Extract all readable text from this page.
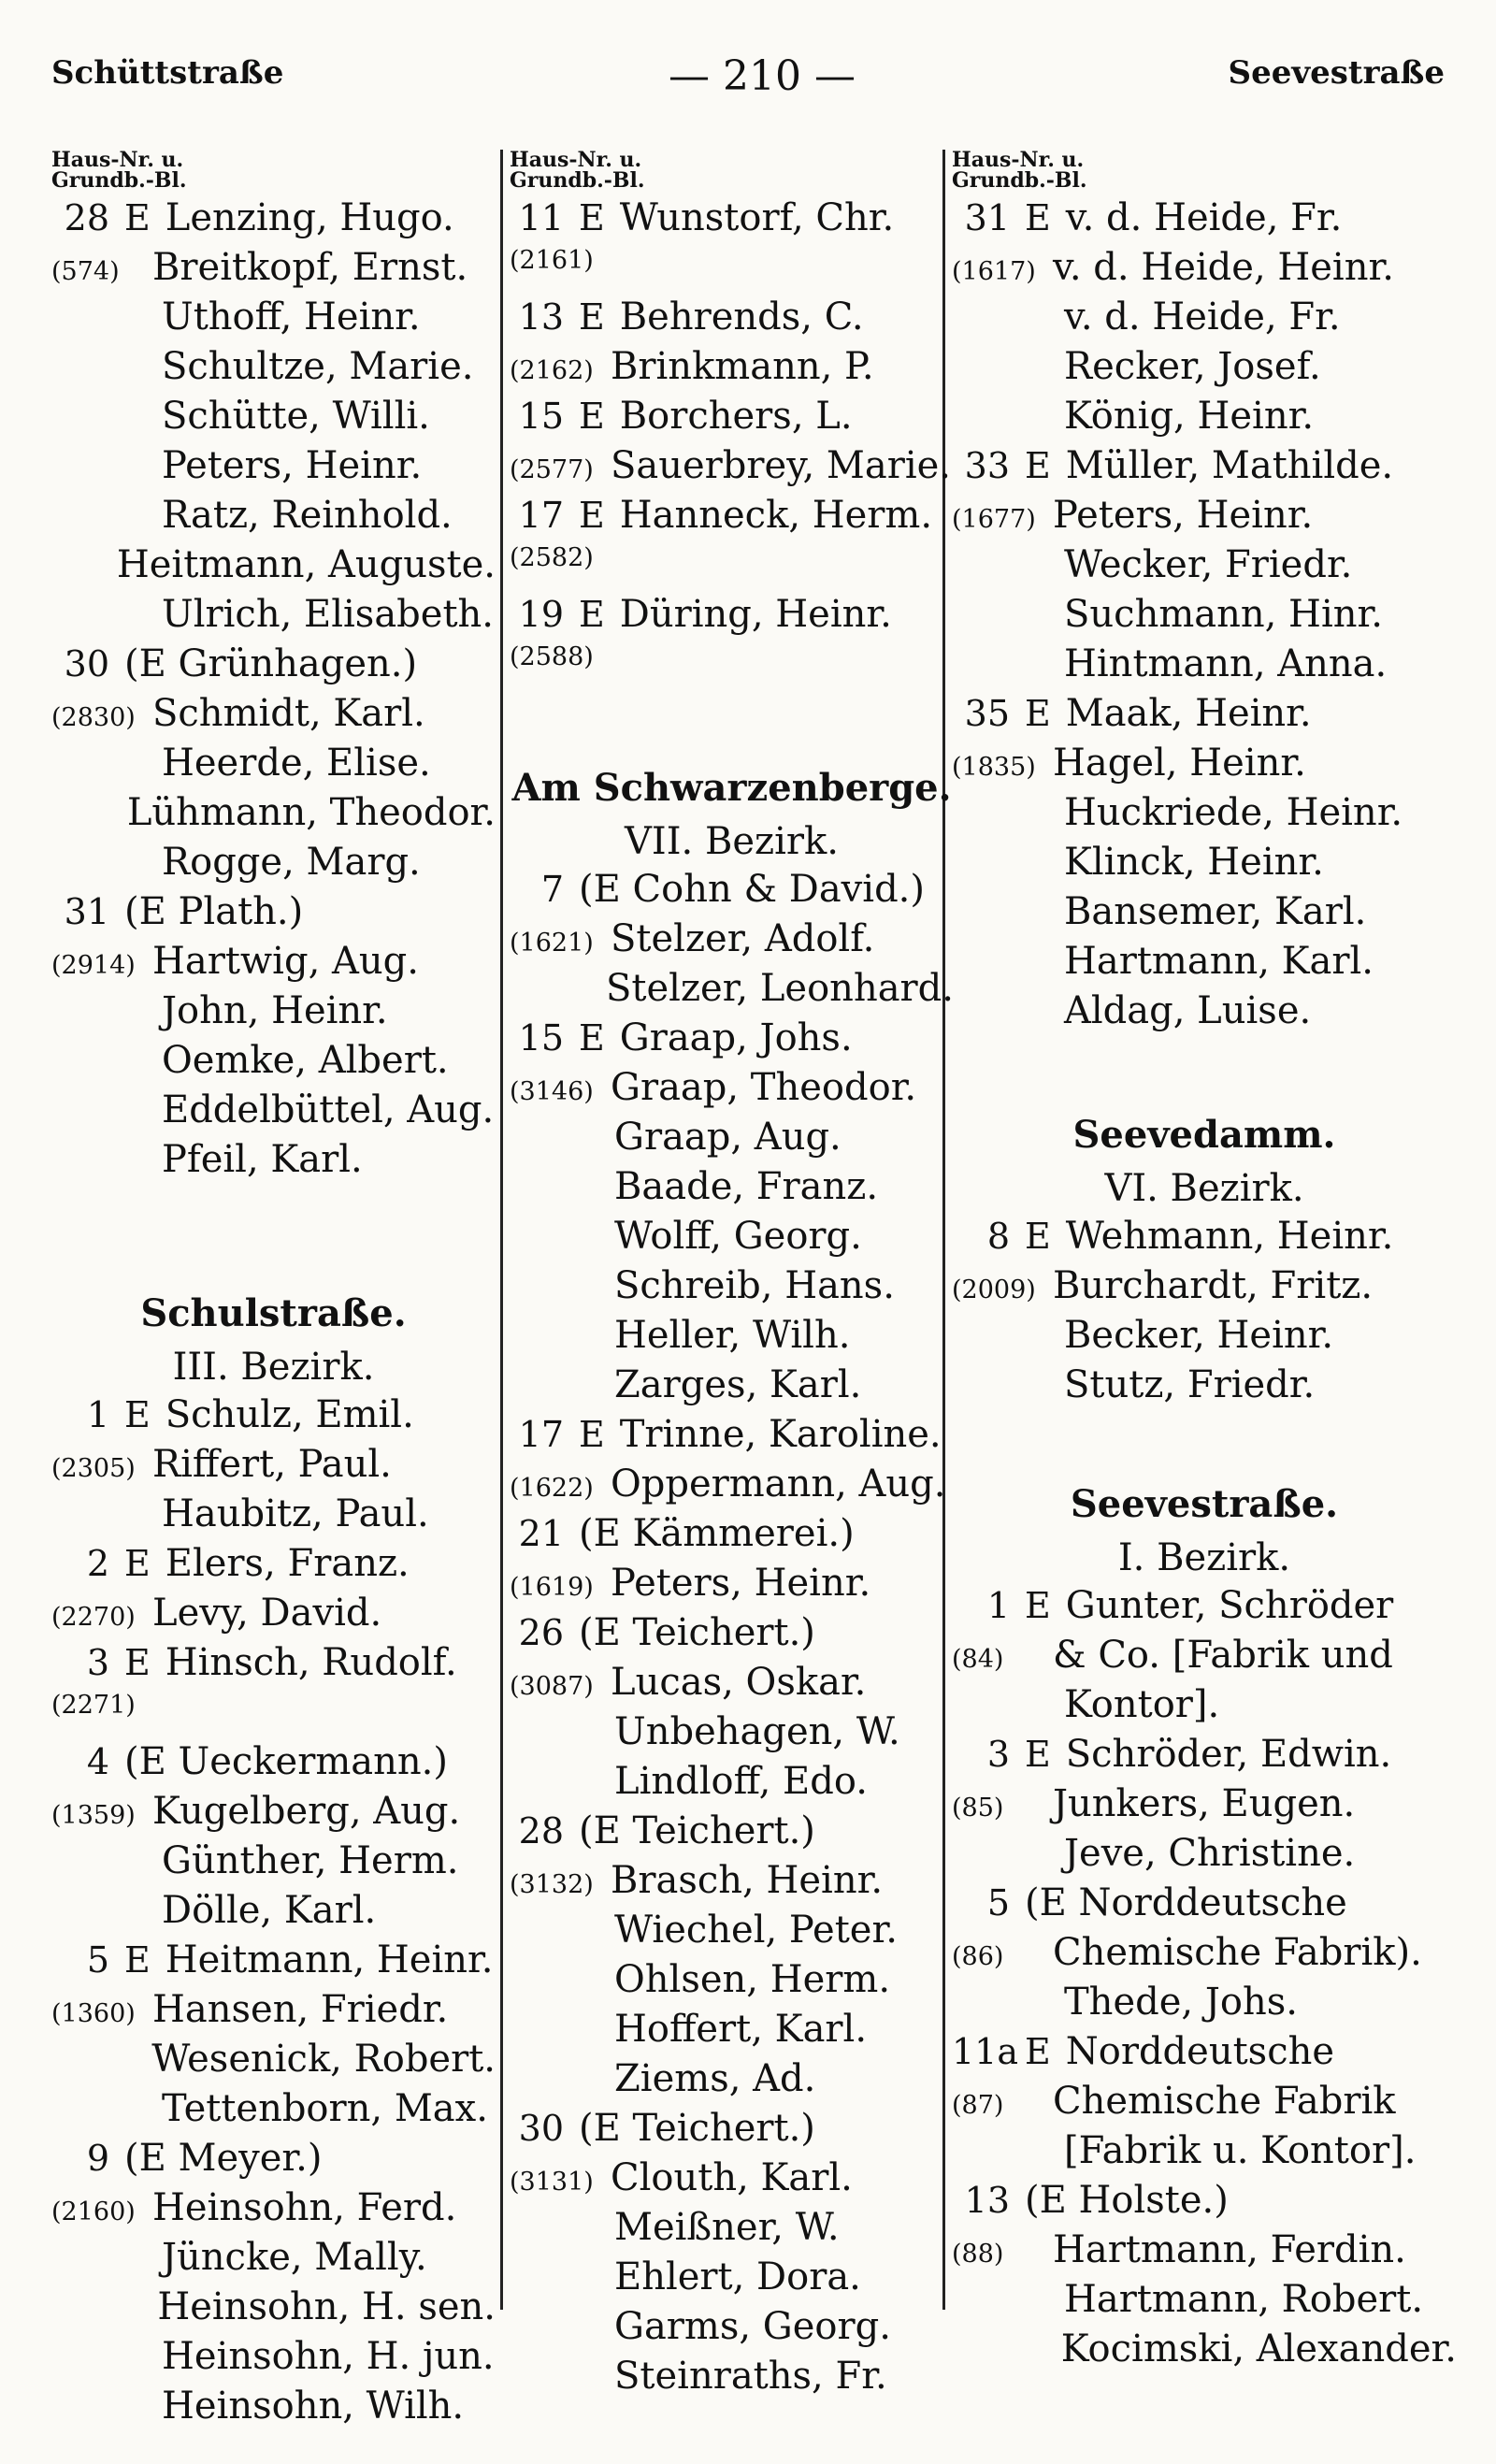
Schüttstraße	— 210 —	Seevestraße
Haus-Nr. u.
Grundb.-Bl.
28 E Lenzing, Hugo.
(574) Breitkopf, Ernst.
Uthoff, Heinr.
Schultze, Marie.
Schütte, Willi.
Peters, Heinr.
Ratz, Reinhold.
Heitmann, Auguste.
Ulrich, Elisabeth.
30 (E Grünhagen.)
(2830) Schmidt, Karl.
Heerde, Elise.
Lühmann, Theodor.
Rogge, Marg.
31 (E Plath.)
(2914) Hartwig, Aug.
John, Heinr.
Oemke, Albert.
Eddelbüttel, Aug.
Pfeil, Karl.
Schulstraße.
III. Bezirk.
1 E Schulz, Emil.
(2305) Riffert, Paul.
Haubitz, Paul.
2 E Elers, Franz.
(2270) Levy, David.
3 E Hinsch, Rudolf.
(2271)
4 (E Ueckermann.)
(1359) Kugelberg, Aug.
Günther, Herm.
Dölle, Karl.
5 E Heitmann, Heinr.
(1360) Hansen, Friedr.
Wesenick, Robert.
Tettenborn, Max.
9 (E Meyer.)
(2160) Heinsohn, Ferd.
Jüncke, Mally.
Heinsohn, H. sen.
Heinsohn, H. jun.
Heinsohn, Wilh.
Haus-Nr. u.
Grundb.-Bl.
11 E Wunstorf, Chr.
(2161)
13 E Behrends, C.
(2162) Brinkmann, P.
15 E Borchers, L.
(2577) Sauerbrey, Marie.
17 E Hanneck, Herm.
(2582)
19 E Düring, Heinr.
(2588)
Am Schwarzenberge.
VII. Bezirk.
7 (E Cohn & David.)
(1621) Stelzer, Adolf.
Stelzer, Leonhard.
15 E Graap, Johs.
(3146) Graap, Theodor.
Graap, Aug.
Baade, Franz.
Wolff, Georg.
Schreib, Hans.
Heller, Wilh.
Zarges, Karl.
17 E Trinne, Karoline.
(1622) Oppermann, Aug.
21 (E Kämmerei.)
(1619) Peters, Heinr.
26 (E Teichert.)
(3087) Lucas, Oskar.
Unbehagen, W.
Lindloff, Edo.
28 (E Teichert.)
(3132) Brasch, Heinr.
Wiechel, Peter.
Ohlsen, Herm.
Hoffert, Karl.
Ziems, Ad.
30 (E Teichert.)
(3131) Clouth, Karl.
Meißner, W.
Ehlert, Dora.
Garms, Georg.
Steinraths, Fr.
Haus-Nr. u.
Grundb.-Bl.
31 E v. d. Heide, Fr.
(1617) v. d. Heide, Heinr.
v. d. Heide, Fr.
Recker, Josef.
König, Heinr.
33 E Müller, Mathilde.
(1677) Peters, Heinr.
Wecker, Friedr.
Suchmann, Hinr.
Hintmann, Anna.
35 E Maak, Heinr.
(1835) Hagel, Heinr.
Huckriede, Heinr.
Klinck, Heinr.
Bansemer, Karl.
Hartmann, Karl.
Aldag, Luise.
Seevedamm.
VI. Bezirk.
8 E Wehmann, Heinr.
(2009) Burchardt, Fritz.
Becker, Heinr.
Stutz, Friedr.
Seevestraße.
I. Bezirk.
1 E Gunter, Schröder
(84)	& Co. [Fabrik und
Kontor].
3 E Schröder, Edwin.
(85)	Junkers, Eugen.
Jeve, Christine.
5 (E Norddeutsche
(86)	Chemische Fabrik).
Thede, Johs.
11a E Norddeutsche
(87)	Chemische Fabrik
[Fabrik u. Kontor].
13 (E Holste.)
(88)	Hartmann, Ferdin.
Hartmann, Robert.
Kocimski, Alexander.
